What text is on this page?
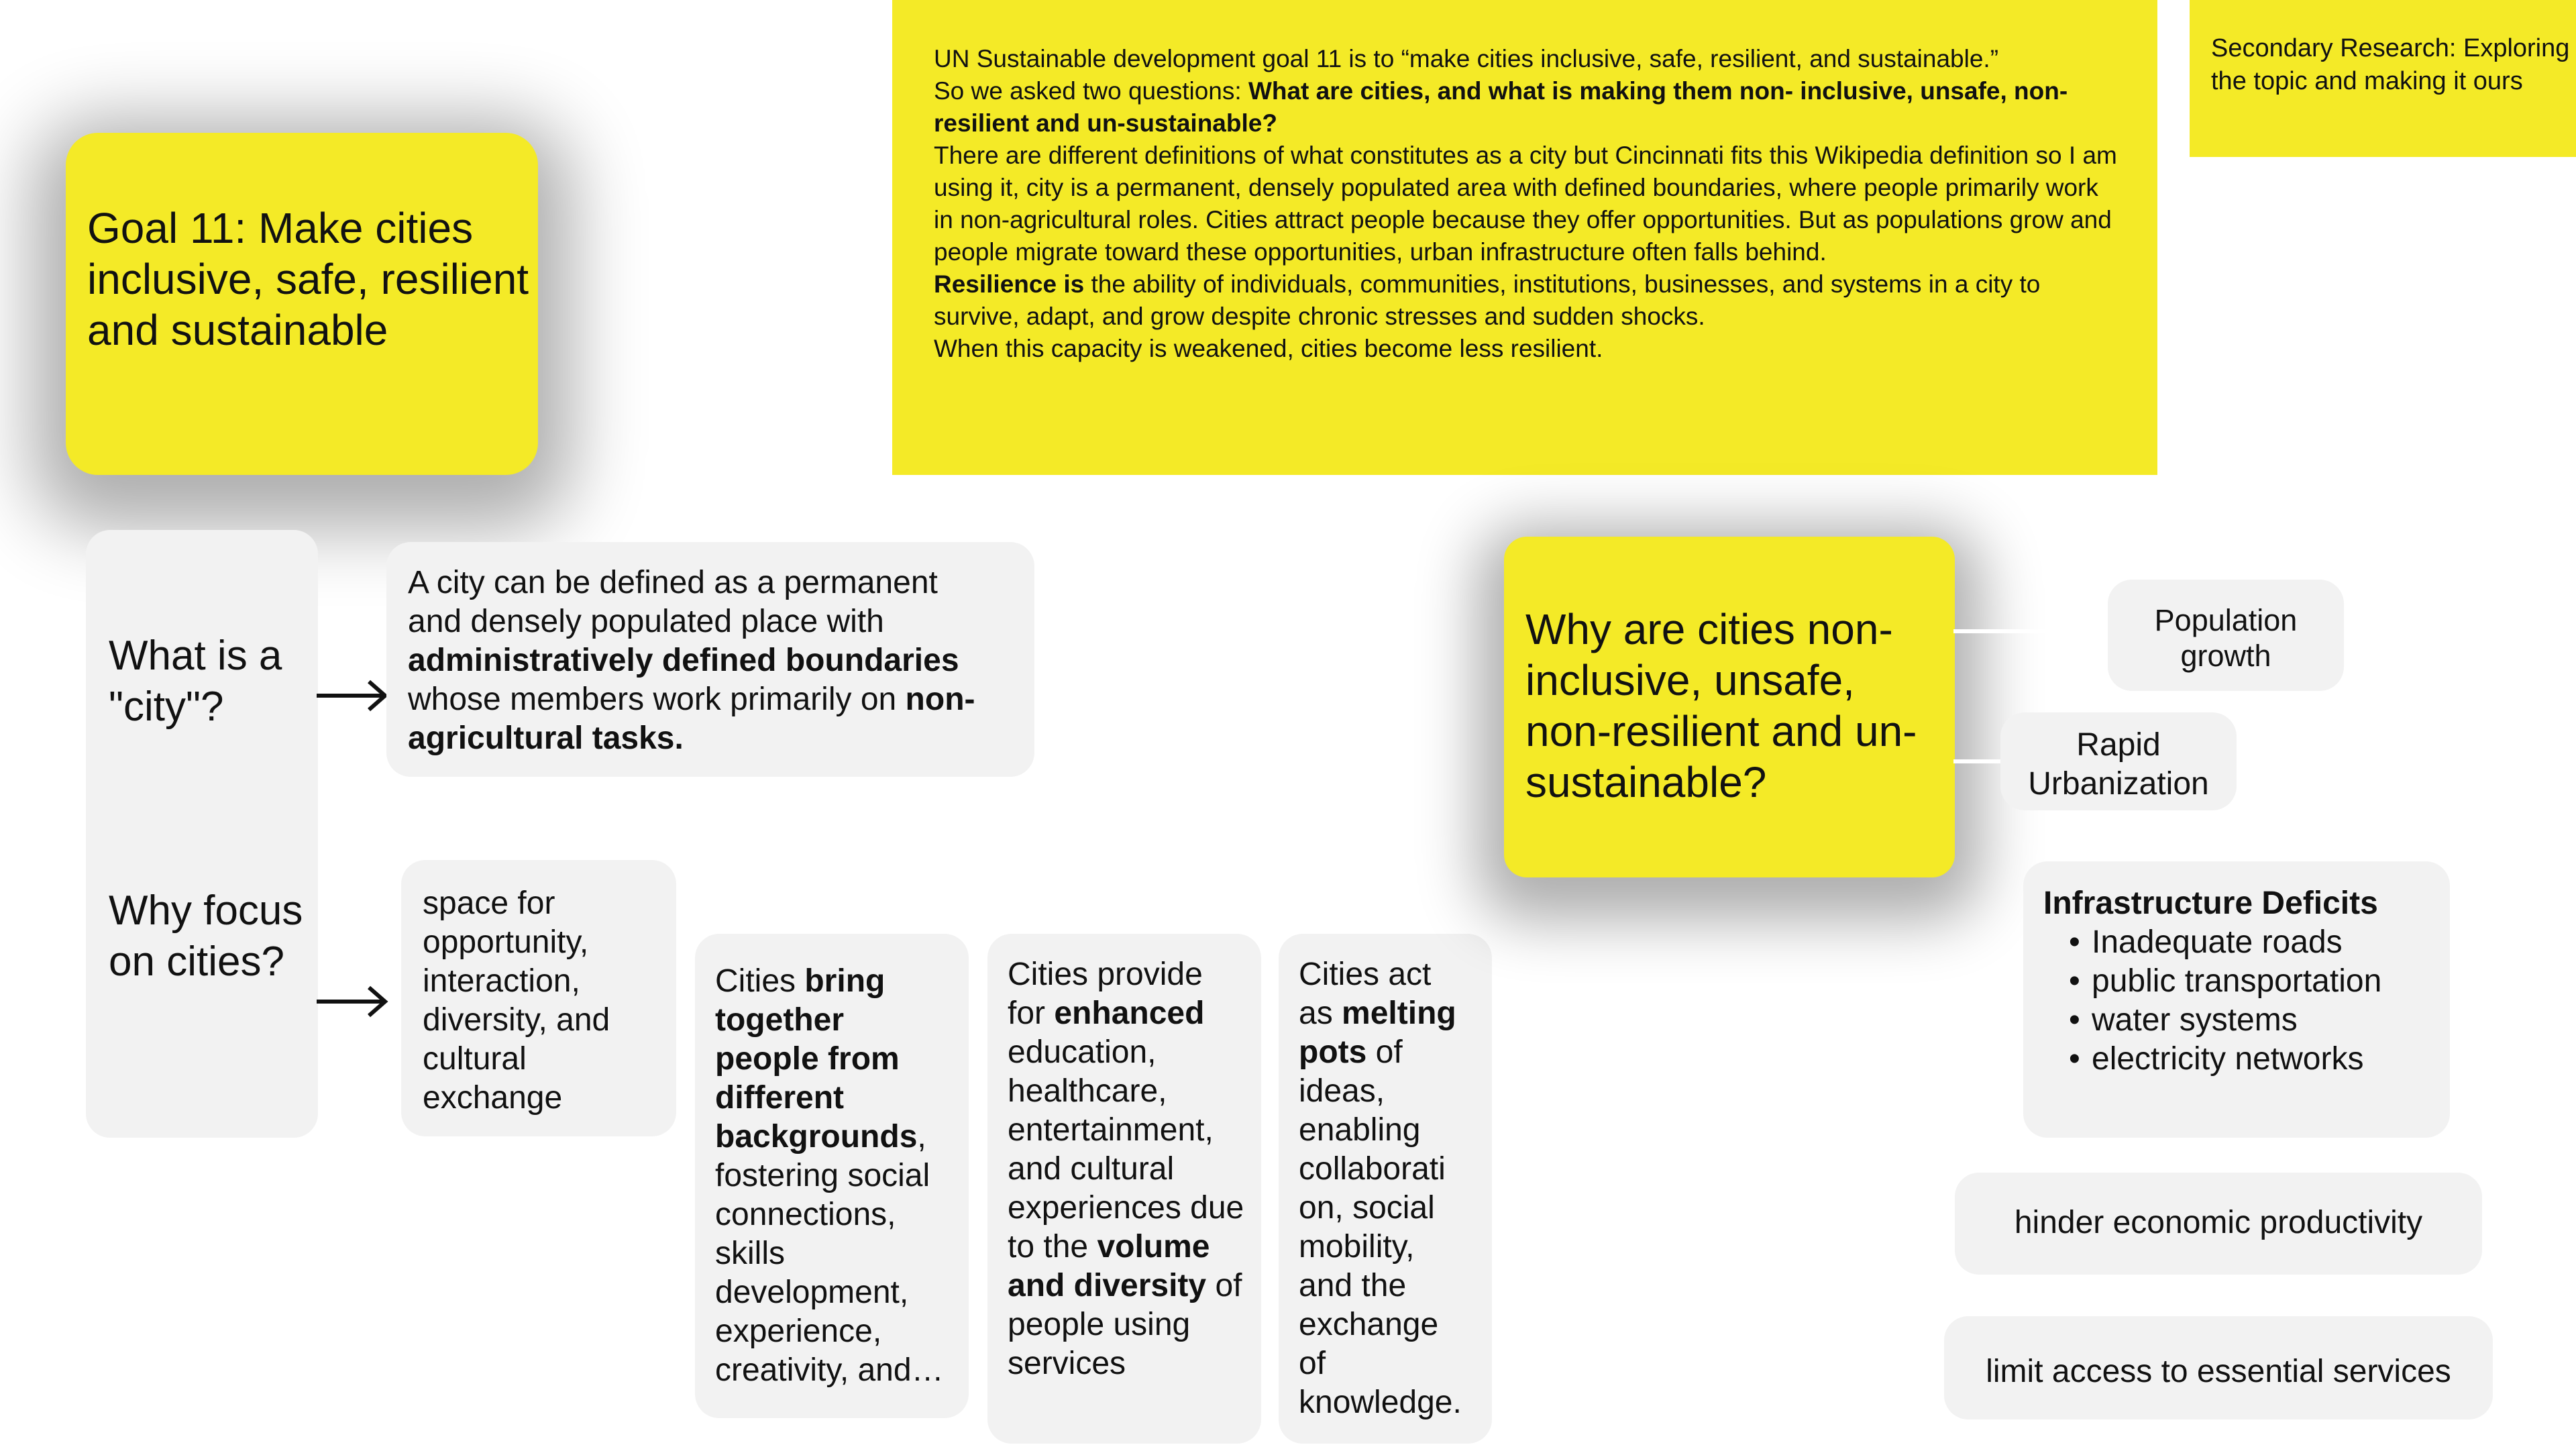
UN Sustainable development goal 11 is to “make cities inclusive, safe, resilient, and sustainable.”

So we asked two questions: What are cities, and what is making them non- inclusive, unsafe, non-resilient and un-sustainable?

There are different definitions of what constitutes as a city but Cincinnati fits this Wikipedia definition so I am using it, city is a permanent, densely populated area with defined boundaries, where people primarily work in non-agricultural roles. Cities attract people because they offer opportunities. But as populations grow and people migrate toward these opportunities, urban infrastructure often falls behind.

Resilience is the ability of individuals, communities, institutions, businesses, and systems in a city to survive, adapt, and grow despite chronic stresses and sudden shocks.

When this capacity is weakened, cities become less resilient.

Secondary Research: Exploring the topic and making it ours
Goal 11: Make cities inclusive, safe, resilient and sustainable
What is a "city"?
Why focus on cities?
A city can be defined as a permanent and densely populated place with administratively defined boundaries whose members work primarily on non-agricultural tasks.
space for opportunity, interaction, diversity, and cultural exchange
Cities bring together people from different backgrounds, fostering social connections, skills development, experience, creativity, and…
Cities provide for enhanced education, healthcare, entertainment, and cultural experiences due to the volume and diversity of people using services
Cities act as melting pots of ideas, enabling collaborati on, social mobility, and the exchange of knowledge.
Why are cities non-inclusive, unsafe, non-resilient and un-sustainable?
Population growth
Rapid Urbanization
Infrastructure Deficits
• Inadequate roads
• public transportation
• water systems
• electricity networks
hinder economic productivity
limit access to essential services
